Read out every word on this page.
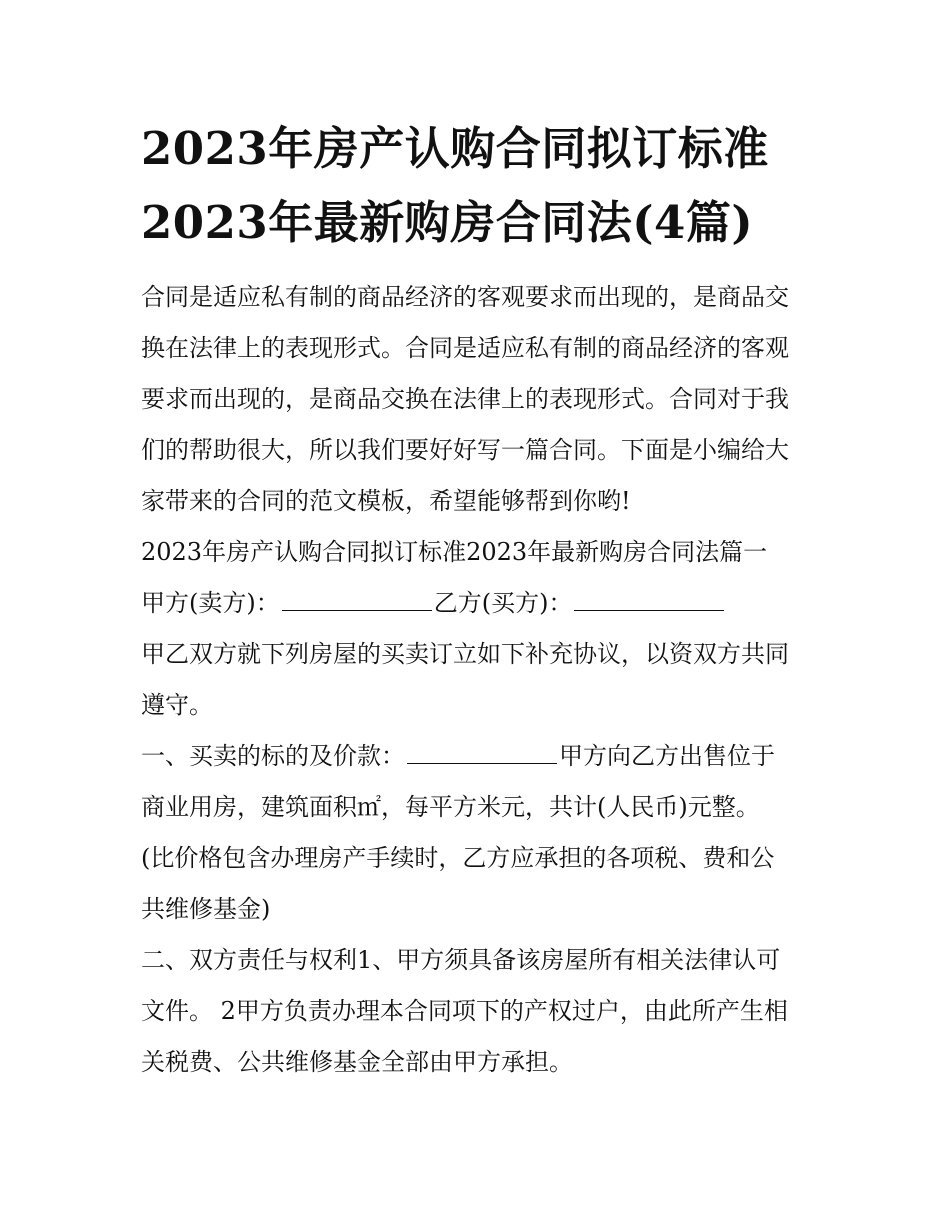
2023年房产认购合同拟订标准
2023年最新购房合同法(4篇)
合同是适应私有制的商品经济的客观要求而出现的，是商品交
换在法律上的表现形式。合同是适应私有制的商品经济的客观
要求而出现的，是商品交换在法律上的表现形式。合同对于我
们的帮助很大，所以我们要好好写一篇合同。下面是小编给大
家带来的合同的范文模板，希望能够帮到你哟!
2023年房产认购合同拟订标准2023年最新购房合同法篇一
甲方(卖方)：	乙方(买方)：
甲乙双方就下列房屋的买卖订立如下补充协议，以资双方共同
遵守。
一、买卖的标的及价款：	甲方向乙方出售位于
商业用房，建筑面积㎡，每平方米元，共计(人民币)元整。
(比价格包含办理房产手续时，乙方应承担的各项税、费和公
共维修基金)
二、双方责任与权利1、甲方须具备该房屋所有相关法律认可
文件。 2甲方负责办理本合同项下的产权过户，由此所产生相
关税费、公共维修基金全部由甲方承担。
